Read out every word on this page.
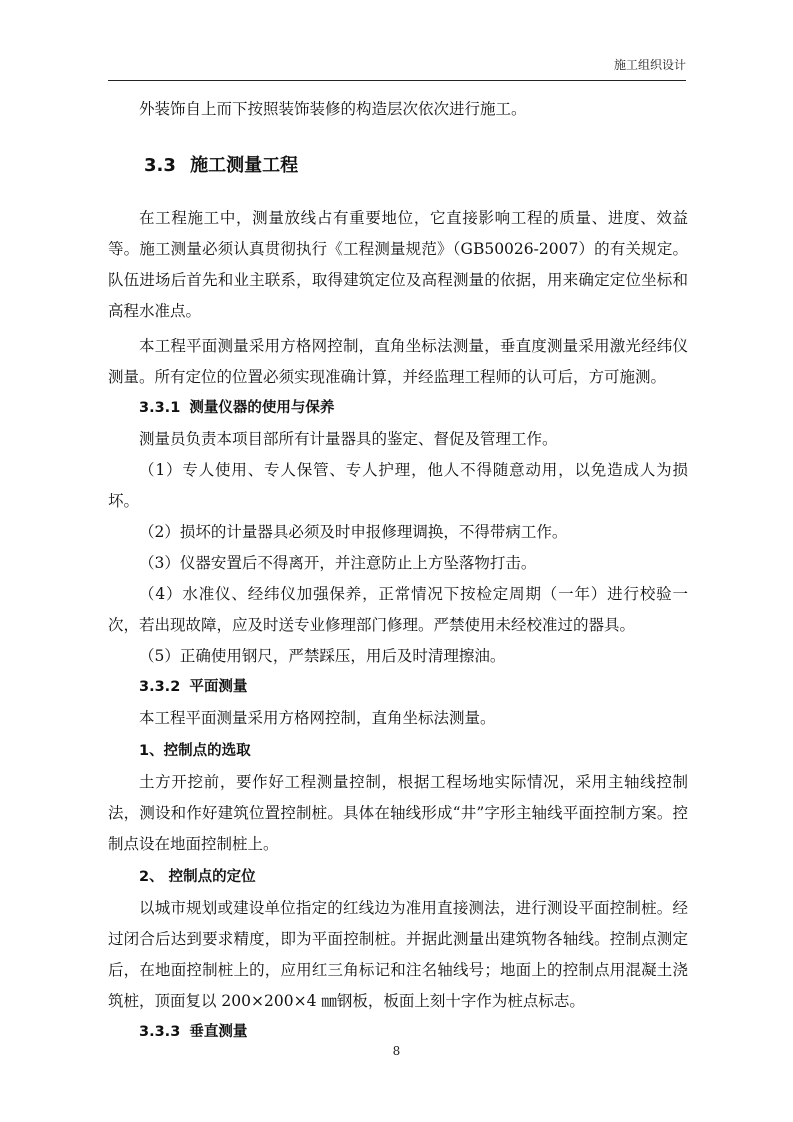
施工组织设计

外装饰自上而下按照装饰装修的构造层次依次进行施工。

3.3 施工测量工程

在工程施工中，测量放线占有重要地位，它直接影响工程的质量、进度、效益等。施工测量必须认真贯彻执行《工程测量规范》（GB50026-2007）的有关规定。队伍进场后首先和业主联系，取得建筑定位及高程测量的依据，用来确定定位坐标和高程水准点。

本工程平面测量采用方格网控制，直角坐标法测量，垂直度测量采用激光经纬仪测量。所有定位的位置必须实现准确计算，并经监理工程师的认可后，方可施测。

3.3.1 测量仪器的使用与保养

测量员负责本项目部所有计量器具的鉴定、督促及管理工作。

（1）专人使用、专人保管、专人护理，他人不得随意动用，以免造成人为损坏。

（2）损坏的计量器具必须及时申报修理调换，不得带病工作。

（3）仪器安置后不得离开，并注意防止上方坠落物打击。

（4）水准仪、经纬仪加强保养，正常情况下按检定周期（一年）进行校验一次，若出现故障，应及时送专业修理部门修理。严禁使用未经校准过的器具。

（5）正确使用钢尺，严禁踩压，用后及时清理擦油。

3.3.2 平面测量

本工程平面测量采用方格网控制，直角坐标法测量。

1、控制点的选取

土方开挖前，要作好工程测量控制，根据工程场地实际情况，采用主轴线控制法，测设和作好建筑位置控制桩。具体在轴线形成“井”字形主轴线平面控制方案。控制点设在地面控制桩上。

2、 控制点的定位

以城市规划或建设单位指定的红线边为准用直接测法，进行测设平面控制桩。经过闭合后达到要求精度，即为平面控制桩。并据此测量出建筑物各轴线。控制点测定后，在地面控制桩上的，应用红三角标记和注名轴线号；地面上的控制点用混凝土浇筑桩，顶面复以 200×200×4 ㎜钢板，板面上刻十字作为桩点标志。

3.3.3 垂直测量
8
